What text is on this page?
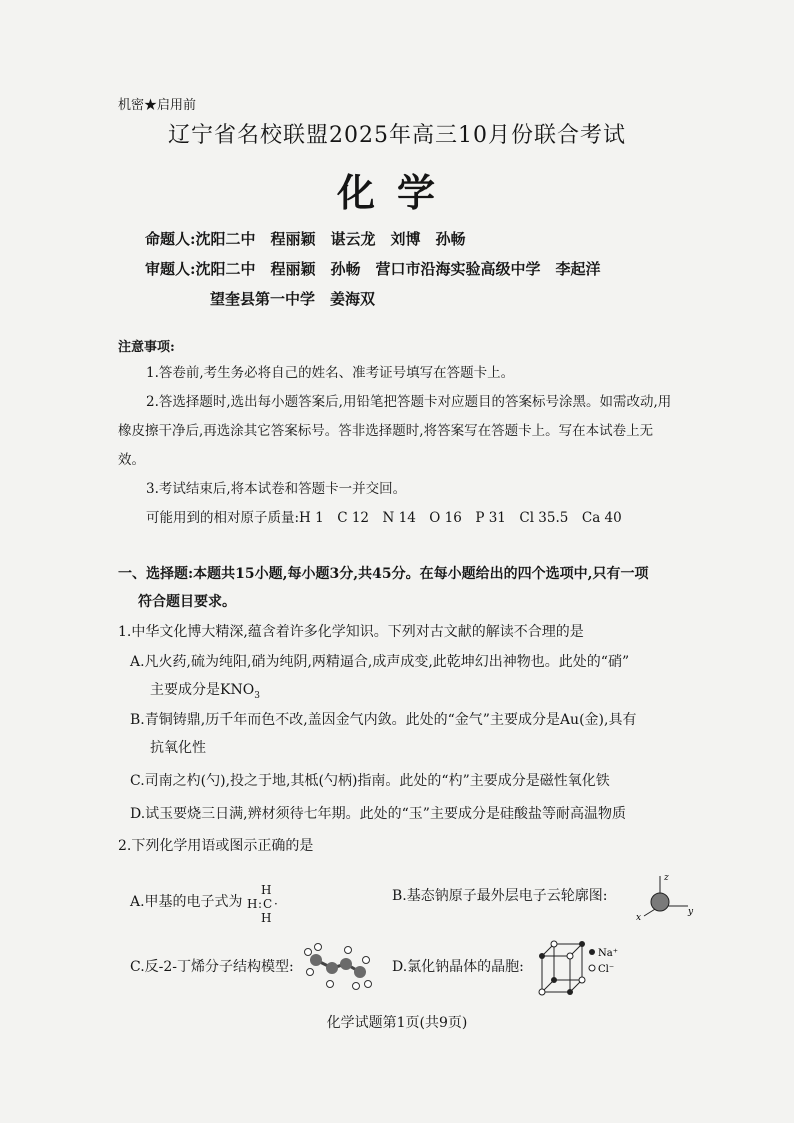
机密★启用前
辽宁省名校联盟2025年高三10月份联合考试
化学
命题人:沈阳二中　程丽颖　谌云龙　刘博　孙畅
审题人:沈阳二中　程丽颖　孙畅　营口市沿海实验高级中学　李起洋
望奎县第一中学　姜海双
注意事项:
1.答卷前,考生务必将自己的姓名、准考证号填写在答题卡上。
2.答选择题时,选出每小题答案后,用铅笔把答题卡对应题目的答案标号涂黑。如需改动,用橡皮擦干净后,再选涂其它答案标号。答非选择题时,将答案写在答题卡上。写在本试卷上无效。
3.考试结束后,将本试卷和答题卡一并交回。
可能用到的相对原子质量:H 1　C 12　N 14　O 16　P 31　Cl 35.5　Ca 40
一、选择题:本题共15小题,每小题3分,共45分。在每小题给出的四个选项中,只有一项
符合题目要求。
1.中华文化博大精深,蕴含着许多化学知识。下列对古文献的解读不合理的是
A.凡火药,硫为纯阳,硝为纯阴,两精逼合,成声成变,此乾坤幻出神物也。此处的“硝”
主要成分是$KNO_3$
B.青铜铸鼎,历千年而色不改,盖因金气内敛。此处的“金气”主要成分是Au(金),具有
抗氧化性
C.司南之杓(勺),投之于地,其柢(勺柄)指南。此处的“杓”主要成分是磁性氧化铁
D.试玉要烧三日满,辨材须待七年期。此处的“玉”主要成分是硅酸盐等耐高温物质
2.下列化学用语或图示正确的是
A.甲基的电子式为
H
H : C ·
H
B.基态钠原子最外层电子云轮廓图:
z
x
y
C.反-2-丁烯分子结构模型:	D.氯化钠晶体的晶胞:
Na⁺
Cl⁻
化学试题第1页(共9页)
